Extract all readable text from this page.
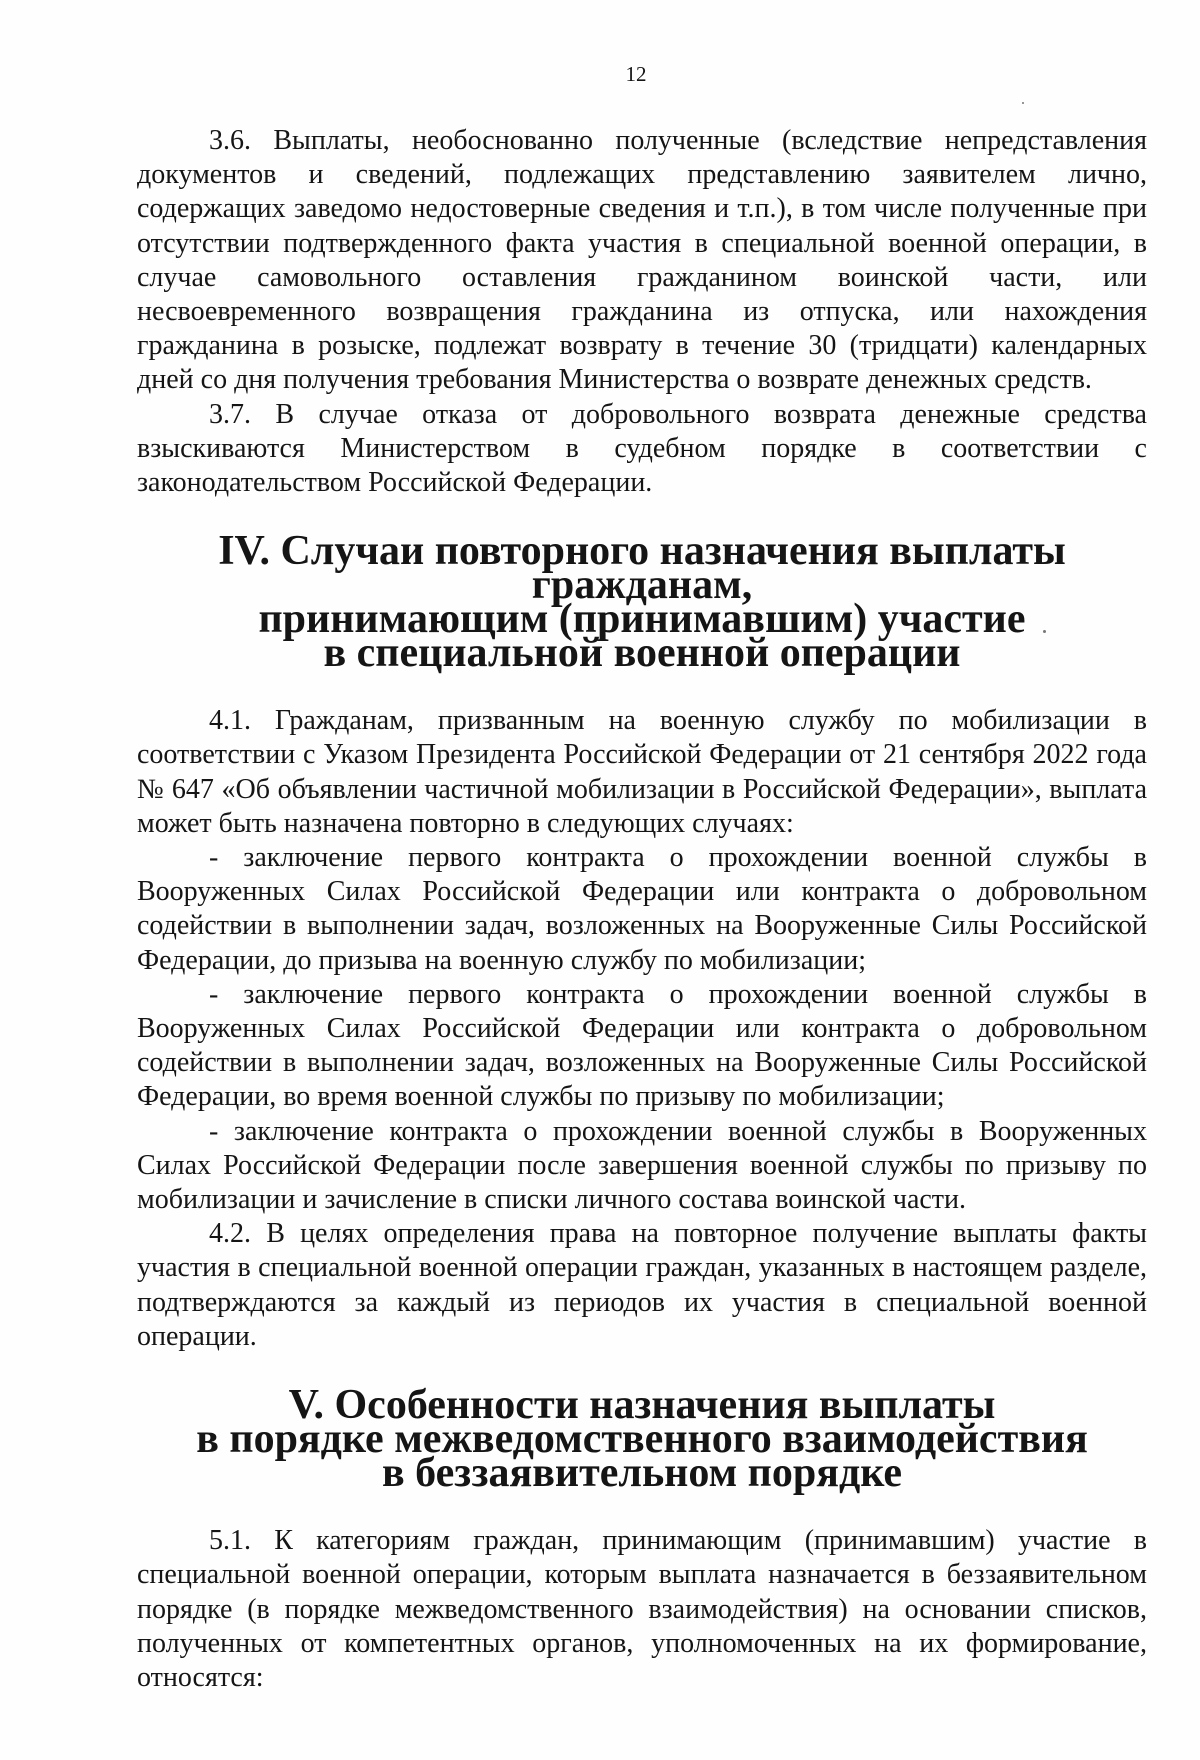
12

3.6. Выплаты, необоснованно полученные (вследствие непредставления документов и сведений, подлежащих представлению заявителем лично, содержащих заведомо недостоверные сведения и т.п.), в том числе полученные при отсутствии подтвержденного факта участия в специальной военной операции, в случае самовольного оставления гражданином воинской части, или несвоевременного возвращения гражданина из отпуска, или нахождения гражданина в розыске, подлежат возврату в течение 30 (тридцати) календарных дней со дня получения требования Министерства о возврате денежных средств.

3.7. В случае отказа от добровольного возврата денежные средства взыскиваются Министерством в судебном порядке в соответствии с законодательством Российской Федерации.

IV. Случаи повторного назначения выплаты гражданам,
принимающим (принимавшим) участие
в специальной военной операции

4.1. Гражданам, призванным на военную службу по мобилизации в соответствии с Указом Президента Российской Федерации от 21 сентября 2022 года № 647 «Об объявлении частичной мобилизации в Российской Федерации», выплата может быть назначена повторно в следующих случаях:

- заключение первого контракта о прохождении военной службы в Вооруженных Силах Российской Федерации или контракта о добровольном содействии в выполнении задач, возложенных на Вооруженные Силы Российской Федерации, до призыва на военную службу по мобилизации;

- заключение первого контракта о прохождении военной службы в Вооруженных Силах Российской Федерации или контракта о добровольном содействии в выполнении задач, возложенных на Вооруженные Силы Российской Федерации, во время военной службы по призыву по мобилизации;

- заключение контракта о прохождении военной службы в Вооруженных Силах Российской Федерации после завершения военной службы по призыву по мобилизации и зачисление в списки личного состава воинской части.

4.2. В целях определения права на повторное получение выплаты факты участия в специальной военной операции граждан, указанных в настоящем разделе, подтверждаются за каждый из периодов их участия в специальной военной операции.

V. Особенности назначения выплаты
в порядке межведомственного взаимодействия
в беззаявительном порядке

5.1. К категориям граждан, принимающим (принимавшим) участие в специальной военной операции, которым выплата назначается в беззаявительном порядке (в порядке межведомственного взаимодействия) на основании списков, полученных от компетентных органов, уполномоченных на их формирование, относятся:
